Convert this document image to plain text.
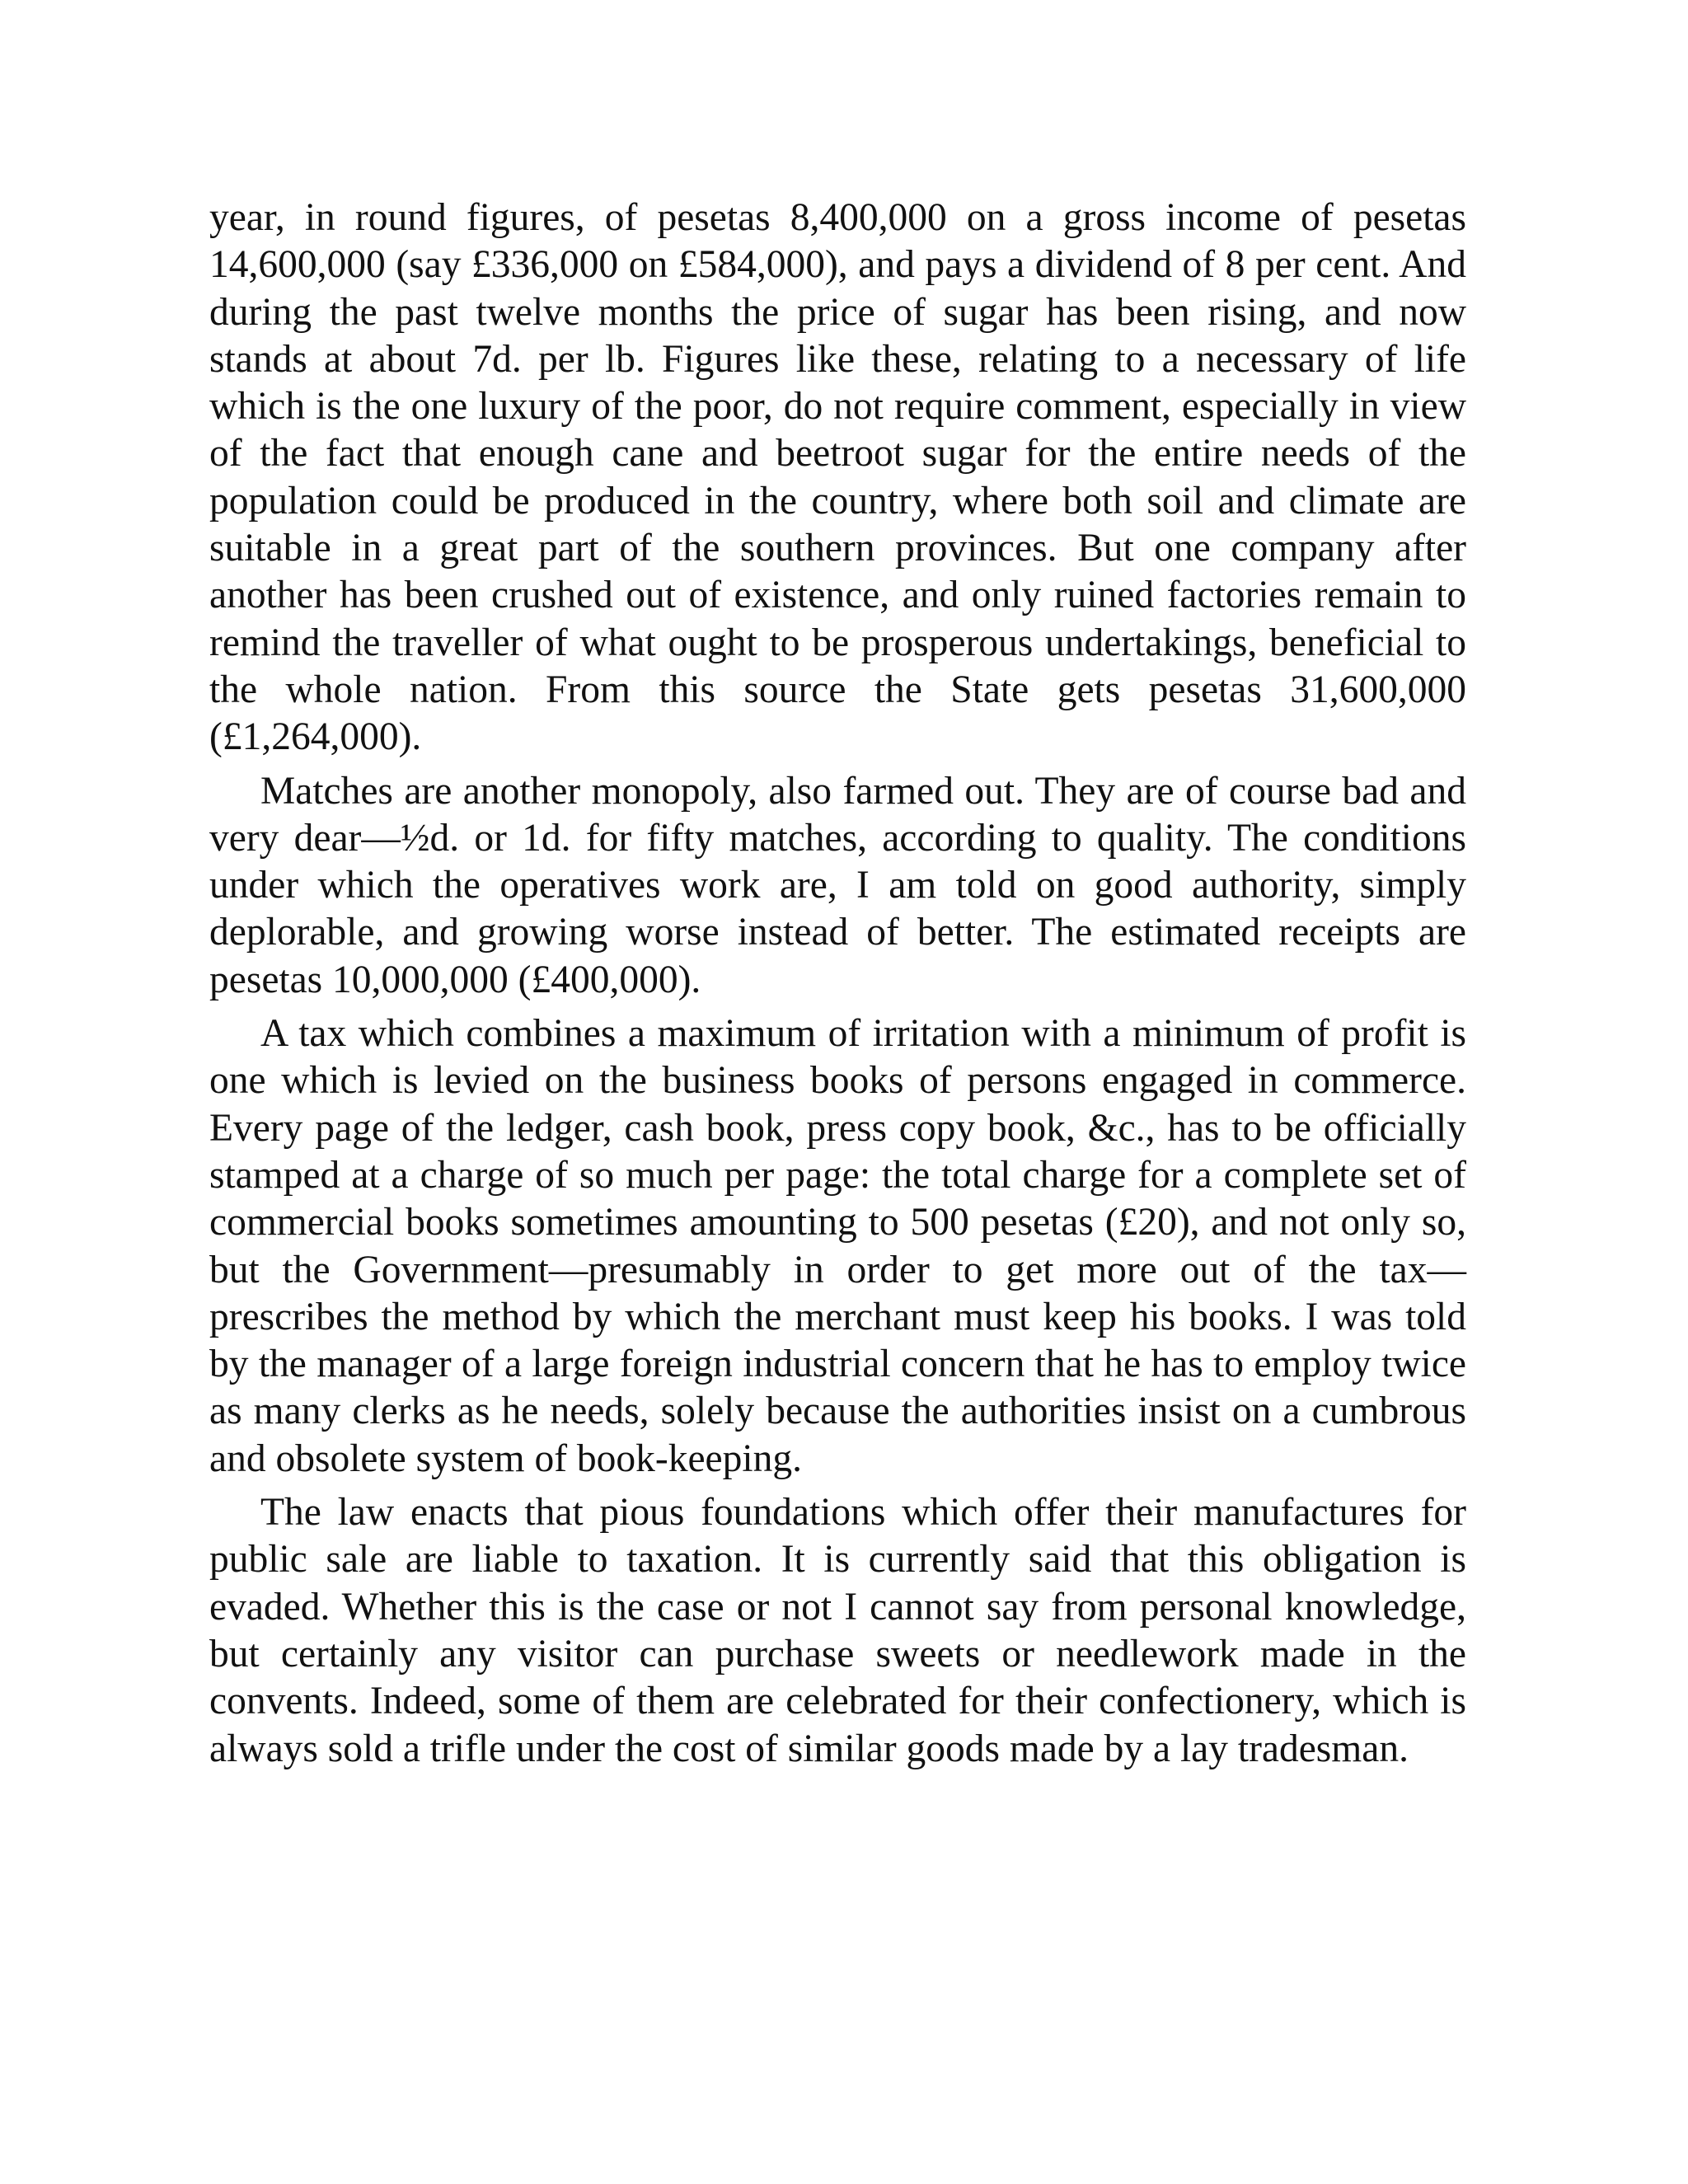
year, in round figures, of pesetas 8,400,000 on a gross income of pesetas 14,600,000 (say £336,000 on £584,000), and pays a dividend of 8 per cent. And during the past twelve months the price of sugar has been rising, and now stands at about 7d. per lb. Figures like these, relating to a necessary of life which is the one luxury of the poor, do not require comment, especially in view of the fact that enough cane and beetroot sugar for the entire needs of the population could be produced in the country, where both soil and climate are suitable in a great part of the southern provinces. But one company after another has been crushed out of existence, and only ruined factories remain to remind the traveller of what ought to be prosperous undertakings, beneficial to the whole nation. From this source the State gets pesetas 31,600,000 (£1,264,000).

Matches are another monopoly, also farmed out. They are of course bad and very dear—½d. or 1d. for fifty matches, according to quality. The conditions under which the operatives work are, I am told on good authority, simply deplorable, and growing worse instead of better. The estimated receipts are pesetas 10,000,000 (£400,000).

A tax which combines a maximum of irritation with a minimum of profit is one which is levied on the business books of persons engaged in commerce. Every page of the ledger, cash book, press copy book, &c., has to be officially stamped at a charge of so much per page: the total charge for a complete set of commercial books sometimes amounting to 500 pesetas (£20), and not only so, but the Government—presumably in order to get more out of the tax—prescribes the method by which the merchant must keep his books. I was told by the manager of a large foreign industrial concern that he has to employ twice as many clerks as he needs, solely because the authorities insist on a cumbrous and obsolete system of book-keeping.

The law enacts that pious foundations which offer their manufactures for public sale are liable to taxation. It is currently said that this obligation is evaded. Whether this is the case or not I cannot say from personal knowledge, but certainly any visitor can purchase sweets or needlework made in the convents. Indeed, some of them are celebrated for their confectionery, which is always sold a trifle under the cost of similar goods made by a lay tradesman.
